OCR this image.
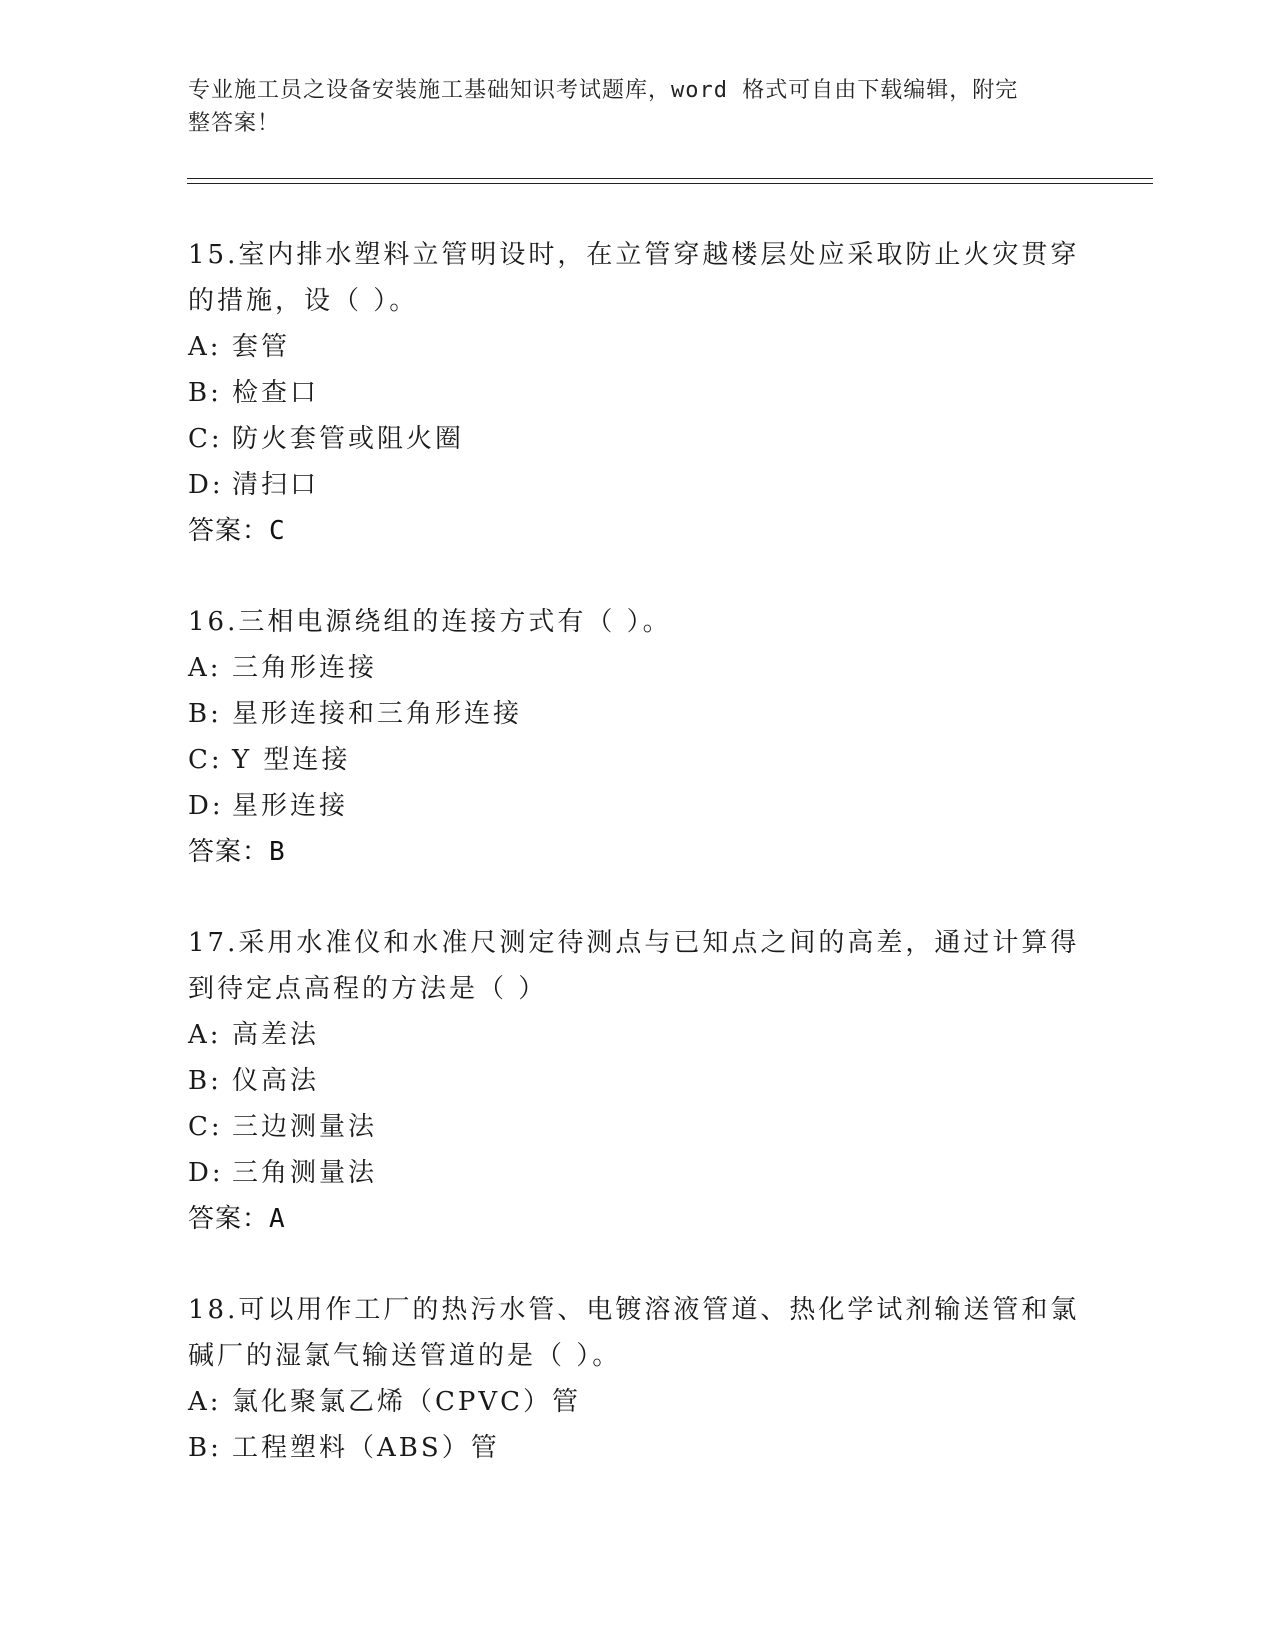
专业施工员之设备安装施工基础知识考试题库，word 格式可自由下载编辑，附完
整答案！
15.室内排水塑料立管明设时，在立管穿越楼层处应采取防止火灾贯穿
的措施，设（ ）。
A: 套管
B: 检查口
C: 防火套管或阻火圈
D: 清扫口
答案：C
16.三相电源绕组的连接方式有（ ）。
A: 三角形连接
B: 星形连接和三角形连接
C: Y 型连接
D: 星形连接
答案：B
17.采用水准仪和水准尺测定待测点与已知点之间的高差，通过计算得
到待定点高程的方法是（ ）
A: 高差法
B: 仪高法
C: 三边测量法
D: 三角测量法
答案：A
18.可以用作工厂的热污水管、电镀溶液管道、热化学试剂输送管和氯
碱厂的湿氯气输送管道的是（ ）。
A: 氯化聚氯乙烯（CPVC）管
B: 工程塑料（ABS）管
